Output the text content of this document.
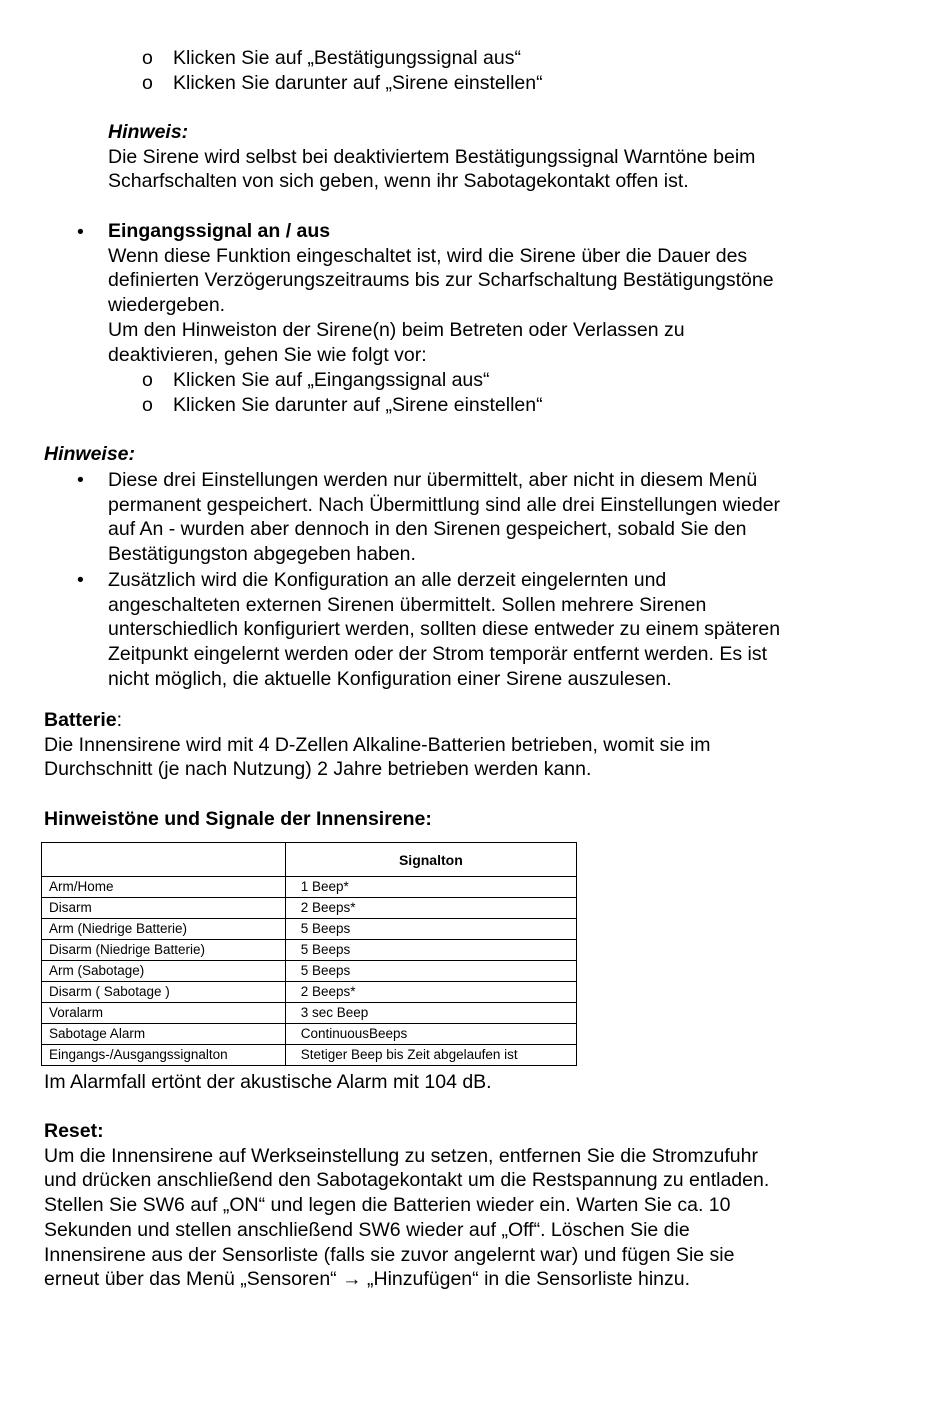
o Klicken Sie auf „Bestätigungssignal aus“
o Klicken Sie darunter auf „Sirene einstellen“

Hinweis:

Die Sirene wird selbst bei deaktiviertem Bestätigungssignal Warntöne beim

Scharfschalten von sich geben, wenn ihr Sabotagekontakt offen ist.

•	Eingangssignal an / aus

Wenn diese Funktion eingeschaltet ist, wird die Sirene über die Dauer des

definierten Verzögerungszeitraums bis zur Scharfschaltung Bestätigungstöne

wiedergeben.

Um den Hinweiston der Sirene(n) beim Betreten oder Verlassen zu

deaktivieren, gehen Sie wie folgt vor:

o Klicken Sie auf „Eingangssignal aus“
o Klicken Sie darunter auf „Sirene einstellen“

Hinweise:

•	Diese drei Einstellungen werden nur übermittelt, aber nicht in diesem Menü

permanent gespeichert. Nach Übermittlung sind alle drei Einstellungen wieder

auf An - wurden aber dennoch in den Sirenen gespeichert, sobald Sie den

Bestätigungston abgegeben haben.

•	Zusätzlich wird die Konfiguration an alle derzeit eingelernten und

angeschalteten externen Sirenen übermittelt. Sollen mehrere Sirenen

unterschiedlich konfiguriert werden, sollten diese entweder zu einem späteren

Zeitpunkt eingelernt werden oder der Strom temporär entfernt werden. Es ist

nicht möglich, die aktuelle Konfiguration einer Sirene auszulesen.

Batterie:

Die Innensirene wird mit 4 D-Zellen Alkaline-Batterien betrieben, womit sie im

Durchschnitt (je nach Nutzung) 2 Jahre betrieben werden kann.

Hinweistöne und Signale der Innensirene:

	Signalton
Arm/Home	1 Beep*
Disarm	2 Beeps*
Arm (Niedrige Batterie)	5 Beeps
Disarm (Niedrige Batterie)	5 Beeps
Arm (Sabotage)	5 Beeps
Disarm ( Sabotage )	2 Beeps*
Voralarm	3 sec Beep
Sabotage Alarm	ContinuousBeeps
Eingangs-/Ausgangssignalton	Stetiger Beep bis Zeit abgelaufen ist

Im Alarmfall ertönt der akustische Alarm mit 104 dB.

Reset:

Um die Innensirene auf Werkseinstellung zu setzen, entfernen Sie die Stromzufuhr

und drücken anschließend den Sabotagekontakt um die Restspannung zu entladen.

Stellen Sie SW6 auf „ON“ und legen die Batterien wieder ein. Warten Sie ca. 10

Sekunden und stellen anschließend SW6 wieder auf „Off“. Löschen Sie die

Innensirene aus der Sensorliste (falls sie zuvor angelernt war) und fügen Sie sie

erneut über das Menü „Sensoren“ → „Hinzufügen“ in die Sensorliste hinzu.
